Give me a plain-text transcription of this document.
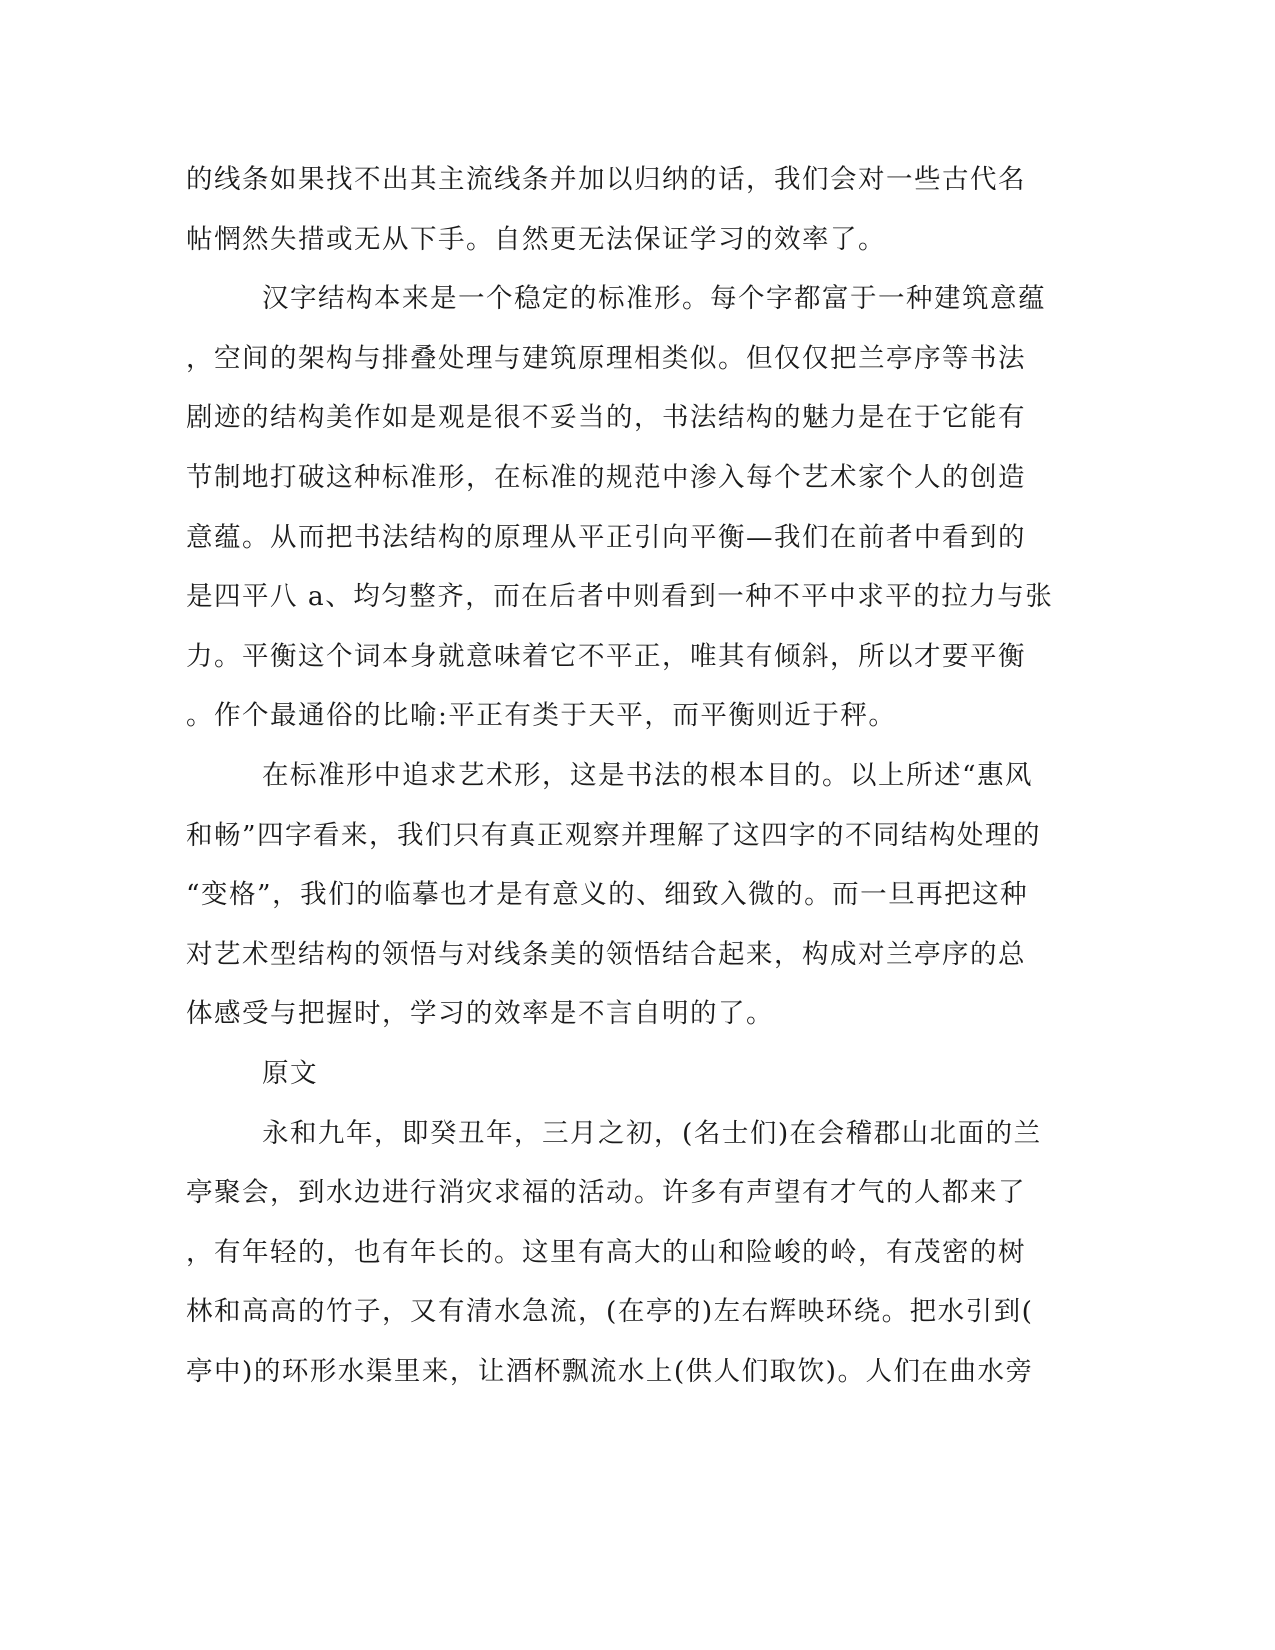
的线条如果找不出其主流线条并加以归纳的话，我们会对一些古代名
帖惘然失措或无从下手。自然更无法保证学习的效率了。
汉字结构本来是一个稳定的标准形。每个字都富于一种建筑意蕴
，空间的架构与排叠处理与建筑原理相类似。但仅仅把兰亭序等书法
剧迹的结构美作如是观是很不妥当的，书法结构的魅力是在于它能有
节制地打破这种标准形，在标准的规范中渗入每个艺术家个人的创造
意蕴。从而把书法结构的原理从平正引向平衡—我们在前者中看到的
是四平八 a、均匀整齐，而在后者中则看到一种不平中求平的拉力与张
力。平衡这个词本身就意味着它不平正，唯其有倾斜，所以才要平衡
。作个最通俗的比喻:平正有类于天平，而平衡则近于秤。
在标准形中追求艺术形，这是书法的根本目的。以上所述“惠风
和畅”四字看来，我们只有真正观察并理解了这四字的不同结构处理的
“变格”，我们的临摹也才是有意义的、细致入微的。而一旦再把这种
对艺术型结构的领悟与对线条美的领悟结合起来，构成对兰亭序的总
体感受与把握时，学习的效率是不言自明的了。
原文
永和九年，即癸丑年，三月之初，(名士们)在会稽郡山北面的兰
亭聚会，到水边进行消灾求福的活动。许多有声望有才气的人都来了
，有年轻的，也有年长的。这里有高大的山和险峻的岭，有茂密的树
林和高高的竹子，又有清水急流，(在亭的)左右辉映环绕。把水引到(
亭中)的环形水渠里来，让酒杯飘流水上(供人们取饮)。人们在曲水旁
